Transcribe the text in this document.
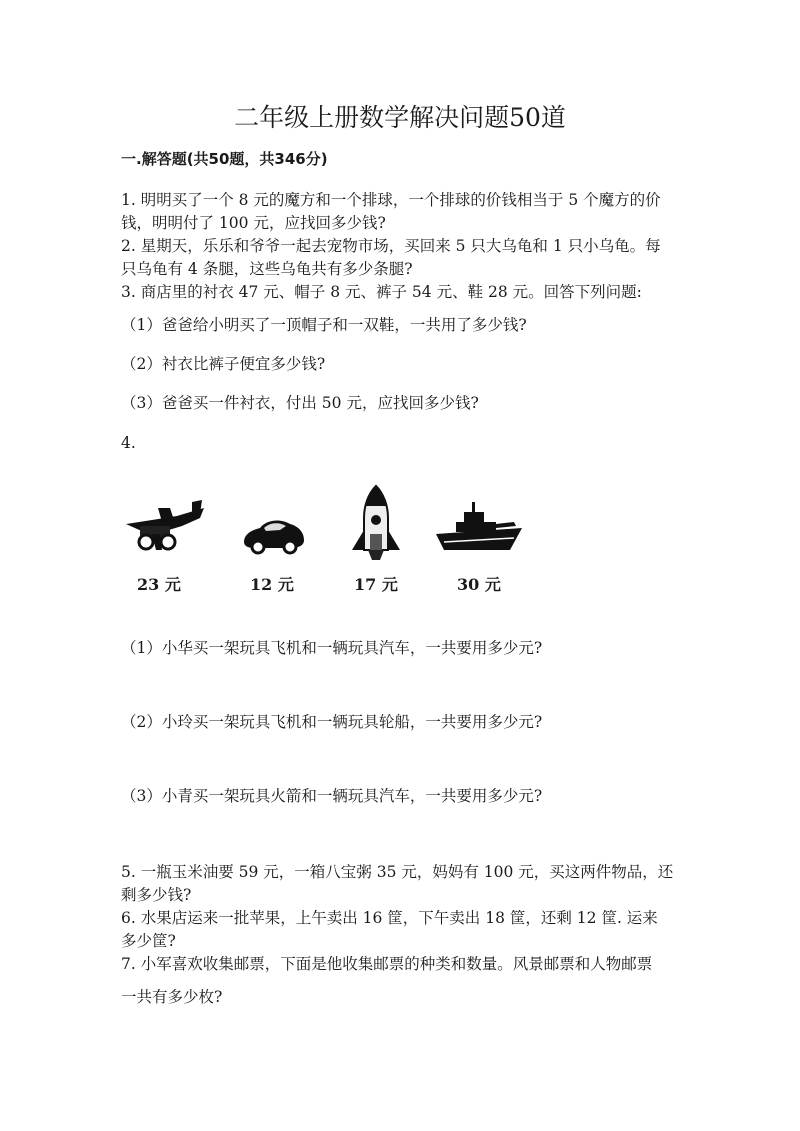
二年级上册数学解决问题50道
一.解答题(共50题，共346分)
1. 明明买了一个 8 元的魔方和一个排球，一个排球的价钱相当于 5 个魔方的价
钱，明明付了 100 元，应找回多少钱?
2. 星期天，乐乐和爷爷一起去宠物市场，买回来 5 只大乌龟和 1 只小乌龟。每
只乌龟有 4 条腿，这些乌龟共有多少条腿?
3. 商店里的衬衣 47 元、帽子 8 元、裤子 54 元、鞋 28 元。回答下列问题:
（1）爸爸给小明买了一顶帽子和一双鞋，一共用了多少钱?
（2）衬衣比裤子便宜多少钱?
（3）爸爸买一件衬衣，付出 50 元，应找回多少钱?
4.
23 元	12 元	17 元	30 元
（1）小华买一架玩具飞机和一辆玩具汽车，一共要用多少元?
（2）小玲买一架玩具飞机和一辆玩具轮船，一共要用多少元?
（3）小青买一架玩具火箭和一辆玩具汽车，一共要用多少元?
5. 一瓶玉米油要 59 元，一箱八宝粥 35 元，妈妈有 100 元，买这两件物品，还
剩多少钱?
6. 水果店运来一批苹果，上午卖出 16 筐，下午卖出 18 筐，还剩 12 筐. 运来
多少筐?
7. 小军喜欢收集邮票，下面是他收集邮票的种类和数量。风景邮票和人物邮票
一共有多少枚?
